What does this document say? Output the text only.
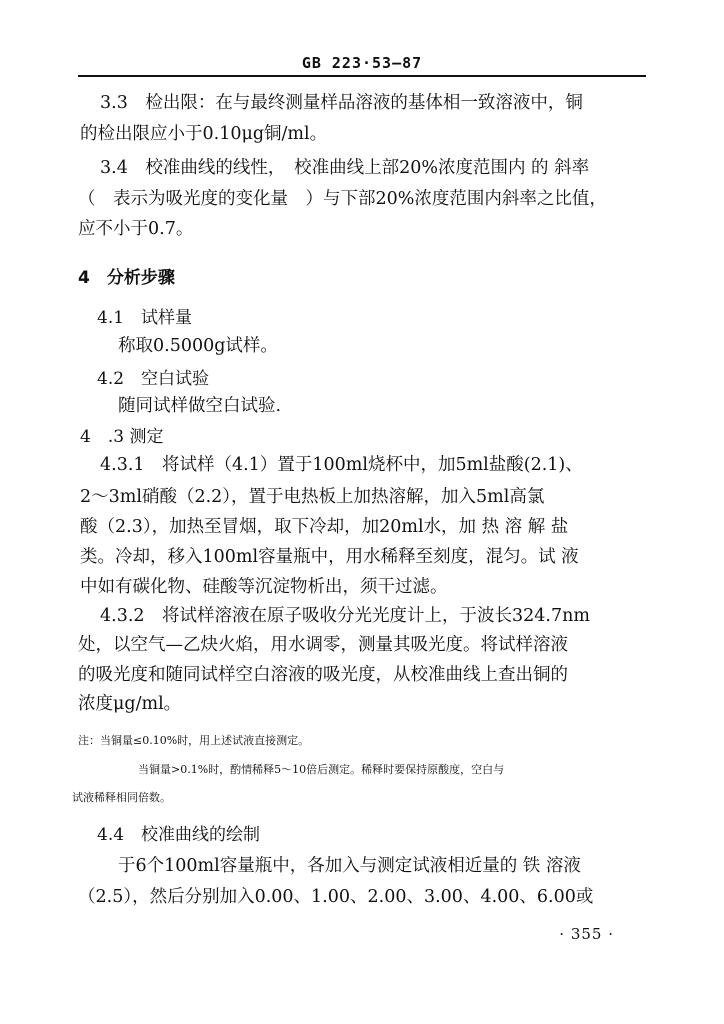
GB 223·53—87
3.3　检出限：在与最终测量样品溶液的基体相一致溶液中，铜
的检出限应小于0.10μg铜/ml。
3.4　校准曲线的线性，　校准曲线上部20%浓度范围内 的 斜率
（　表示为吸光度的变化量　）与下部20%浓度范围内斜率之比值，
应不小于0.7。
4　分析步骤
4.1　试样量
称取0.5000g试样。
4.2　空白试验
随同试样做空白试验.
4　.3 测定
4.3.1　将试样（4.1）置于100ml烧杯中，加5ml盐酸(2.1)、
2～3ml硝酸（2.2），置于电热板上加热溶解，加入5ml高氯
酸（2.3），加热至冒烟，取下冷却，加20ml水，加 热 溶 解 盐
类。冷却，移入100ml容量瓶中，用水稀释至刻度，混匀。试 液
中如有碳化物、硅酸等沉淀物析出，须干过滤。
4.3.2　将试样溶液在原子吸收分光光度计上，于波长324.7nm
处，以空气—乙炔火焰，用水调零，测量其吸光度。将试样溶液
的吸光度和随同试样空白溶液的吸光度，从校准曲线上查出铜的
浓度μg/ml。
注：当铜量≤0.10%时，用上述试液直接测定。
当铜量>0.1%时，酌情稀释5～10倍后测定。稀释时要保持原酸度，空白与
试液稀释相同倍数。
4.4　校准曲线的绘制
于6个100ml容量瓶中，各加入与测定试液相近量的 铁 溶液
（2.5），然后分别加入0.00、1.00、2.00、3.00、4.00、6.00或
· 355 ·
